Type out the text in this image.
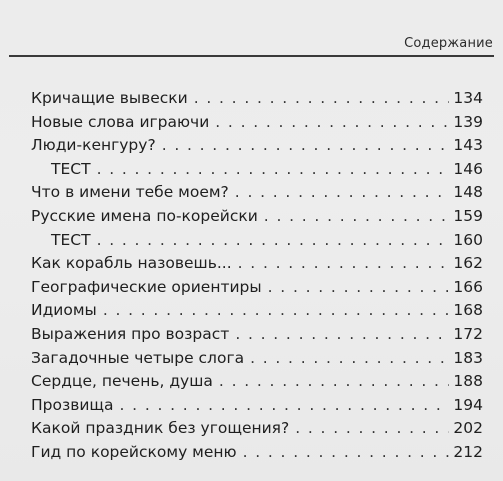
Содержание
Кричащие вывески . . .	134
Новые слова играючи . . .	139
Люди-кенгуру? . . .	143
ТЕСТ . . .	146
Что в имени тебе моем? . . .	148
Русские имена по-корейски . . .	159
ТЕСТ . . .	160
Как корабль назовешь... . . .	162
Географические ориентиры . . .	166
Идиомы . . .	168
Выражения про возраст . . .	172
Загадочные четыре слога . . .	183
Сердце, печень, душа . . .	188
Прозвища . . .	194
Какой праздник без угощения? . . .	202
Гид по корейскому меню . . .	212
